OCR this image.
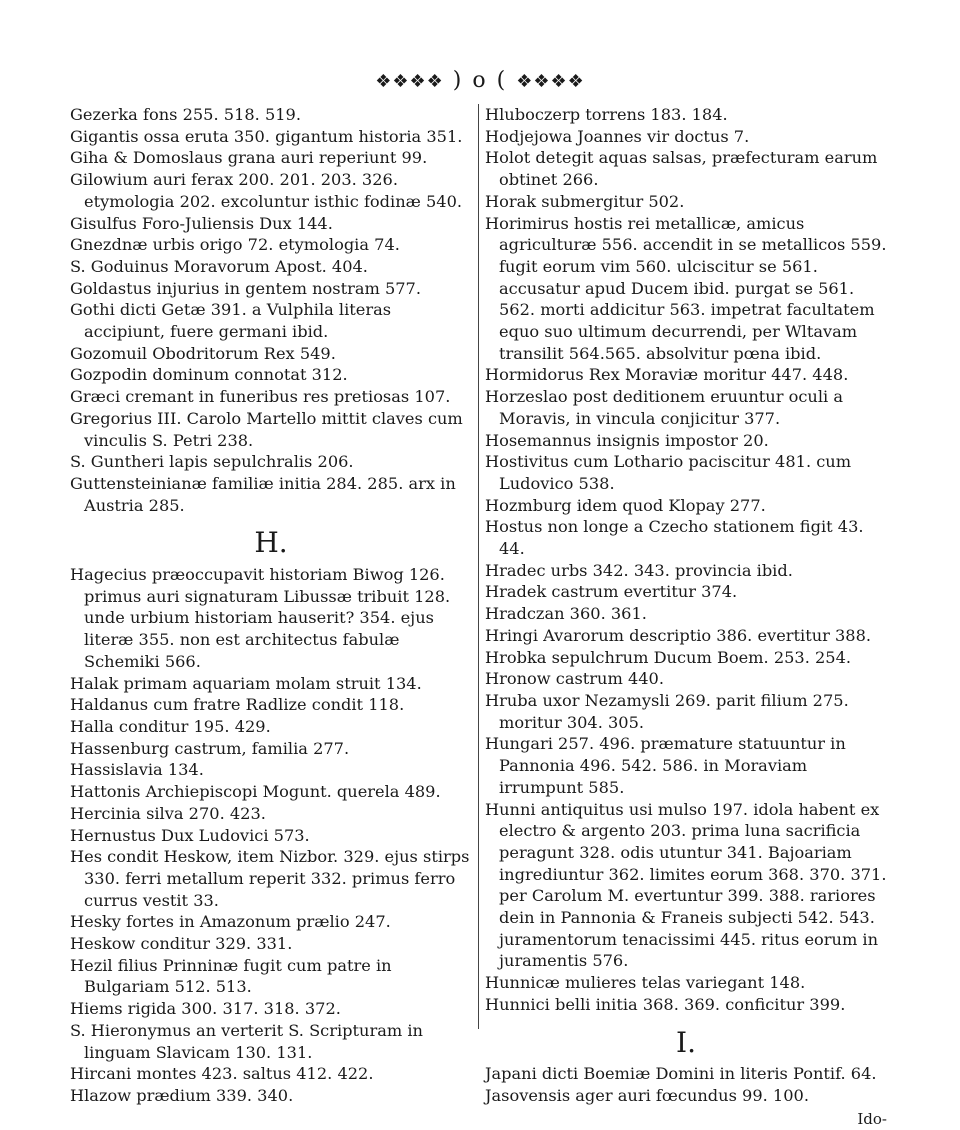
❖❖❖❖ ) o ( ❖❖❖❖
Gezerka fons 255. 518. 519.
Gigantis ossa eruta 350. gigantum historia 351.
Giha & Domoslaus grana auri reperiunt 99.
Gilowium auri ferax 200. 201. 203. 326. etymologia 202. excoluntur isthic fodinæ 540.
Gisulfus Foro-Juliensis Dux 144.
Gnezdnæ urbis origo 72. etymologia 74.
S. Goduinus Moravorum Apost. 404.
Goldastus injurius in gentem nostram 577.
Gothi dicti Getæ 391. a Vulphila literas accipiunt, fuere germani ibid.
Gozomuil Obodritorum Rex 549.
Gozpodin dominum connotat 312.
Græci cremant in funeribus res pretiosas 107.
Gregorius III. Carolo Martello mittit claves cum vinculis S. Petri 238.
S. Guntheri lapis sepulchralis 206.
Guttensteinianæ familiæ initia 284. 285. arx in Austria 285.
H.
Hagecius præoccupavit historiam Biwog 126. primus auri signaturam Libussæ tribuit 128. unde urbium historiam hauserit? 354. ejus literæ 355. non est architectus fabulæ Schemiki 566.
Halak primam aquariam molam struit 134.
Haldanus cum fratre Radlize condit 118.
Halla conditur 195. 429.
Hassenburg castrum, familia 277.
Hassislavia 134.
Hattonis Archiepiscopi Mogunt. querela 489.
Hercinia silva 270. 423.
Hernustus Dux Ludovici 573.
Hes condit Heskow, item Nizbor. 329. ejus stirps 330. ferri metallum reperit 332. primus ferro currus vestit 33.
Hesky fortes in Amazonum prælio 247.
Heskow conditur 329. 331.
Hezil filius Prinninæ fugit cum patre in Bulgariam 512. 513.
Hiems rigida 300. 317. 318. 372.
S. Hieronymus an verterit S. Scripturam in linguam Slavicam 130. 131.
Hircani montes 423. saltus 412. 422.
Hlazow prædium 339. 340.
Hluboczerp torrens 183. 184.
Hodjejowa Joannes vir doctus 7.
Holot detegit aquas salsas, præfecturam earum obtinet 266.
Horak submergitur 502.
Horimirus hostis rei metallicæ, amicus agriculturæ 556. accendit in se metallicos 559. fugit eorum vim 560. ulciscitur se 561. accusatur apud Ducem ibid. purgat se 561. 562. morti addicitur 563. impetrat facultatem equo suo ultimum decurrendi, per Wltavam transilit 564.565. absolvitur pœna ibid.
Hormidorus Rex Moraviæ moritur 447. 448.
Horzeslao post deditionem eruuntur oculi a Moravis, in vincula conjicitur 377.
Hosemannus insignis impostor 20.
Hostivitus cum Lothario paciscitur 481. cum Ludovico 538.
Hozmburg idem quod Klopay 277.
Hostus non longe a Czecho stationem figit 43. 44.
Hradec urbs 342. 343. provincia ibid.
Hradek castrum evertitur 374.
Hradczan 360. 361.
Hringi Avarorum descriptio 386. evertitur 388.
Hrobka sepulchrum Ducum Boem. 253. 254.
Hronow castrum 440.
Hruba uxor Nezamysli 269. parit filium 275. moritur 304. 305.
Hungari 257. 496. præmature statuuntur in Pannonia 496. 542. 586. in Moraviam irrumpunt 585.
Hunni antiquitus usi mulso 197. idola habent ex electro & argento 203. prima luna sacrificia peragunt 328. odis utuntur 341. Bajoariam ingrediuntur 362. limites eorum 368. 370. 371. per Carolum M. evertuntur 399. 388. rariores dein in Pannonia & Franeis subjecti 542. 543. juramentorum tenacissimi 445. ritus eorum in juramentis 576.
Hunnicæ mulieres telas variegant 148.
Hunnici belli initia 368. 369. conficitur 399.
I.
Japani dicti Boemiæ Domini in literis Pontif. 64.
Jasovensis ager auri fœcundus 99. 100.
Ido-
